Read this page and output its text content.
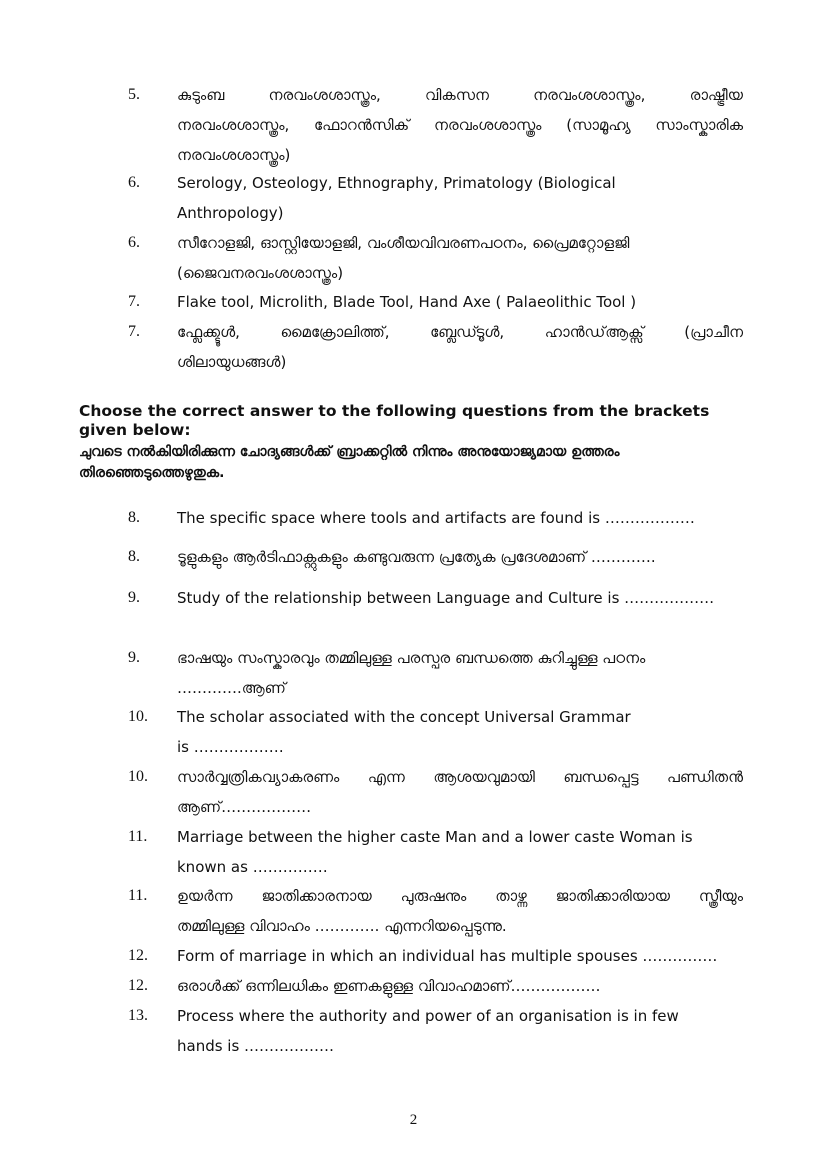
5. കുടുംബ നരവംശശാസ്ത്രം, വികസന നരവംശശാസ്ത്രം, രാഷ്ട്രീയ
നരവംശശാസ്ത്രം, ഫോറൻസിക് നരവംശശാസ്ത്രം (സാമൂഹ്യ സാംസ്കാരിക
നരവംശശാസ്ത്രം)
6. Serology, Osteology, Ethnography, Primatology (Biological
Anthropology)
6. സീറോളജി, ഓസ്റ്റിയോളജി, വംശീയവിവരണപഠനം, പ്രൈമറ്റോളജി
(ജൈവനരവംശശാസ്ത്രം)
7. Flake tool, Microlith, Blade Tool, Hand Axe ( Palaeolithic Tool )
7. ഫ്ലേക്ക്ടൂൾ, മൈക്രോലിത്ത്, ബ്ലേഡ്ടൂൾ, ഹാൻഡ്ആക്സ് (പ്രാചീന
ശിലായുധങ്ങൾ)
Choose the correct answer to the following questions from the brackets given below:
ചുവടെ നൽകിയിരിക്കുന്ന ചോദ്യങ്ങൾക്ക് ബ്രാക്കറ്റിൽ നിന്നും അനുയോജ്യമായ ഉത്തരം തിരഞ്ഞെടുത്തെഴുതുക.
8. The specific space where tools and artifacts are found is ………………
8. ടൂളുകളും ആർടിഫാക്റ്റുകളും കണ്ടുവരുന്ന പ്രത്യേക പ്രദേശമാണ് ………….
9. Study of the relationship between Language and Culture is ………………
9. ഭാഷയും സംസ്കാരവും തമ്മിലുള്ള പരസ്പര ബന്ധത്തെ കുറിച്ചുള്ള പഠനം
………….ആണ്
10. The scholar associated with the concept Universal Grammar
is ………………
10. സാർവ്വത്രികവ്യാകരണം എന്ന ആശയവുമായി ബന്ധപ്പെട്ട പണ്ഡിതൻ
ആണ്………………
11. Marriage between the higher caste Man and a lower caste Woman is
known as ……………
11. ഉയർന്ന ജാതിക്കാരനായ പുരുഷനും താഴ്ന്ന ജാതിക്കാരിയായ സ്ത്രീയും
തമ്മിലുള്ള വിവാഹം …………. എന്നറിയപ്പെടുന്നു.
12. Form of marriage in which an individual has multiple spouses ……………
12. ഒരാൾക്ക് ഒന്നിലധികം ഇണകളുള്ള വിവാഹമാണ്………………
13. Process where the authority and power of an organisation is in few
hands is ………………
2
